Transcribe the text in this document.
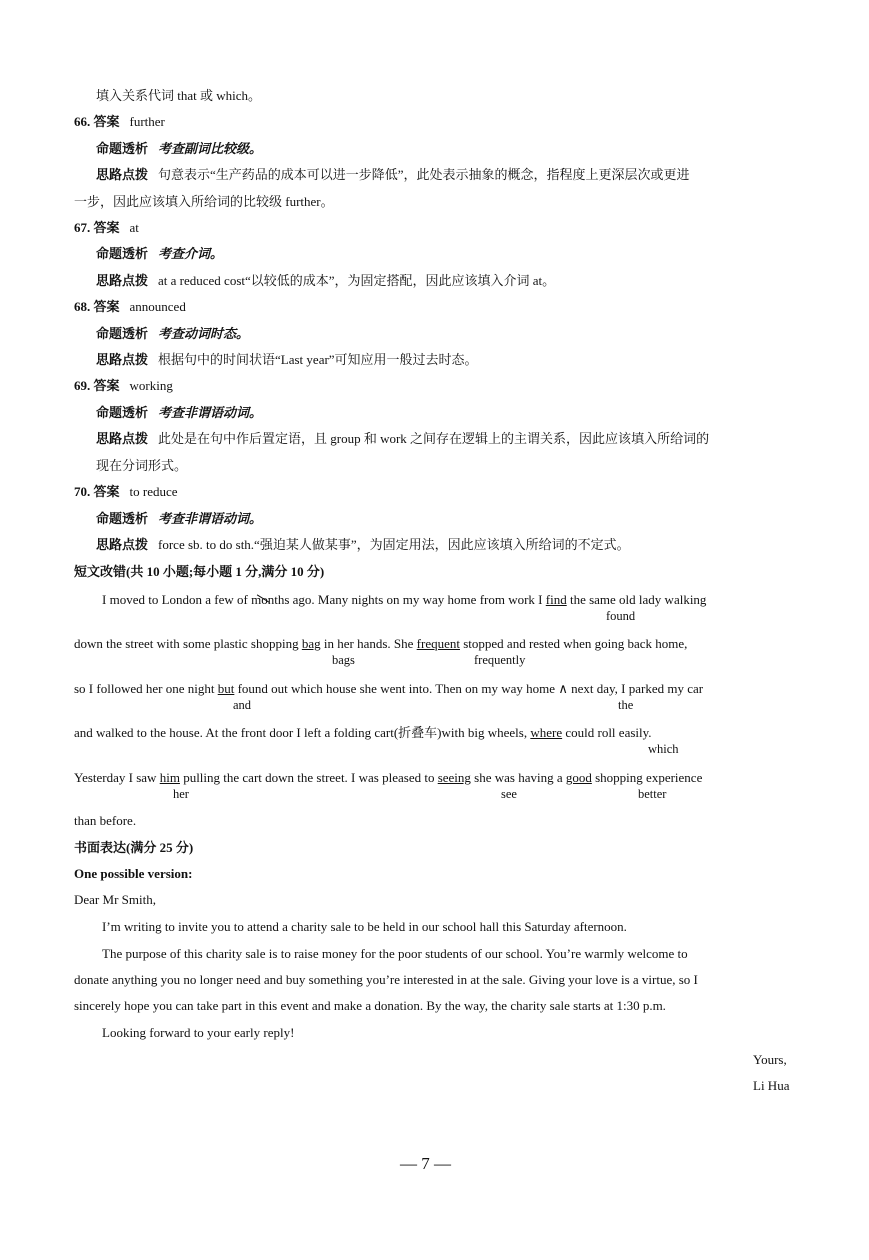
填入关系代词 that 或 which。
66. 答案 further
命题透析 考查副词比较级。
思路点拨 句意表示“生产药品的成本可以进一步降低”，此处表示抽象的概念，指程度上更深层次或更进
一步，因此应该填入所给词的比较级 further。
67. 答案 at
命题透析 考查介词。
思路点拨 at a reduced cost“以较低的成本”，为固定搭配，因此应该填入介词 at。
68. 答案 announced
命题透析 考查动词时态。
思路点拨 根据句中的时间状语“Last year”可知应用一般过去时态。
69. 答案 working
命题透析 考查非谓语动词。
思路点拨 此处是在句中作后置定语，且 group 和 work 之间存在逻辑上的主谓关系，因此应该填入所给词的
现在分词形式。
70. 答案 to reduce
命题透析 考查非谓语动词。
思路点拨 force sb. to do sth.“强迫某人做某事”，为固定用法，因此应该填入所给词的不定式。
短文改错(共 10 小题;每小题 1 分,满分 10 分)
I moved to London a few of months ago. Many nights on my way home from work I find the same old lady walking
found
down the street with some plastic shopping bag in her hands. She frequent stopped and rested when going back home,
bags	frequently
so I followed her one night but found out which house she went into. Then on my way home ∧ next day, I parked my car
and	the
and walked to the house. At the front door I left a folding cart(折叠车)with big wheels, where could roll easily.
which
Yesterday I saw him pulling the cart down the street. I was pleased to seeing she was having a good shopping experience
her	see	better
than before.
书面表达(满分 25 分)
One possible version:
Dear Mr Smith,
I’m writing to invite you to attend a charity sale to be held in our school hall this Saturday afternoon.
The purpose of this charity sale is to raise money for the poor students of our school. You’re warmly welcome to
donate anything you no longer need and buy something you’re interested in at the sale. Giving your love is a virtue, so I
sincerely hope you can take part in this event and make a donation. By the way, the charity sale starts at 1:30 p.m.
Looking forward to your early reply!
Yours,
Li Hua
— 7 —
